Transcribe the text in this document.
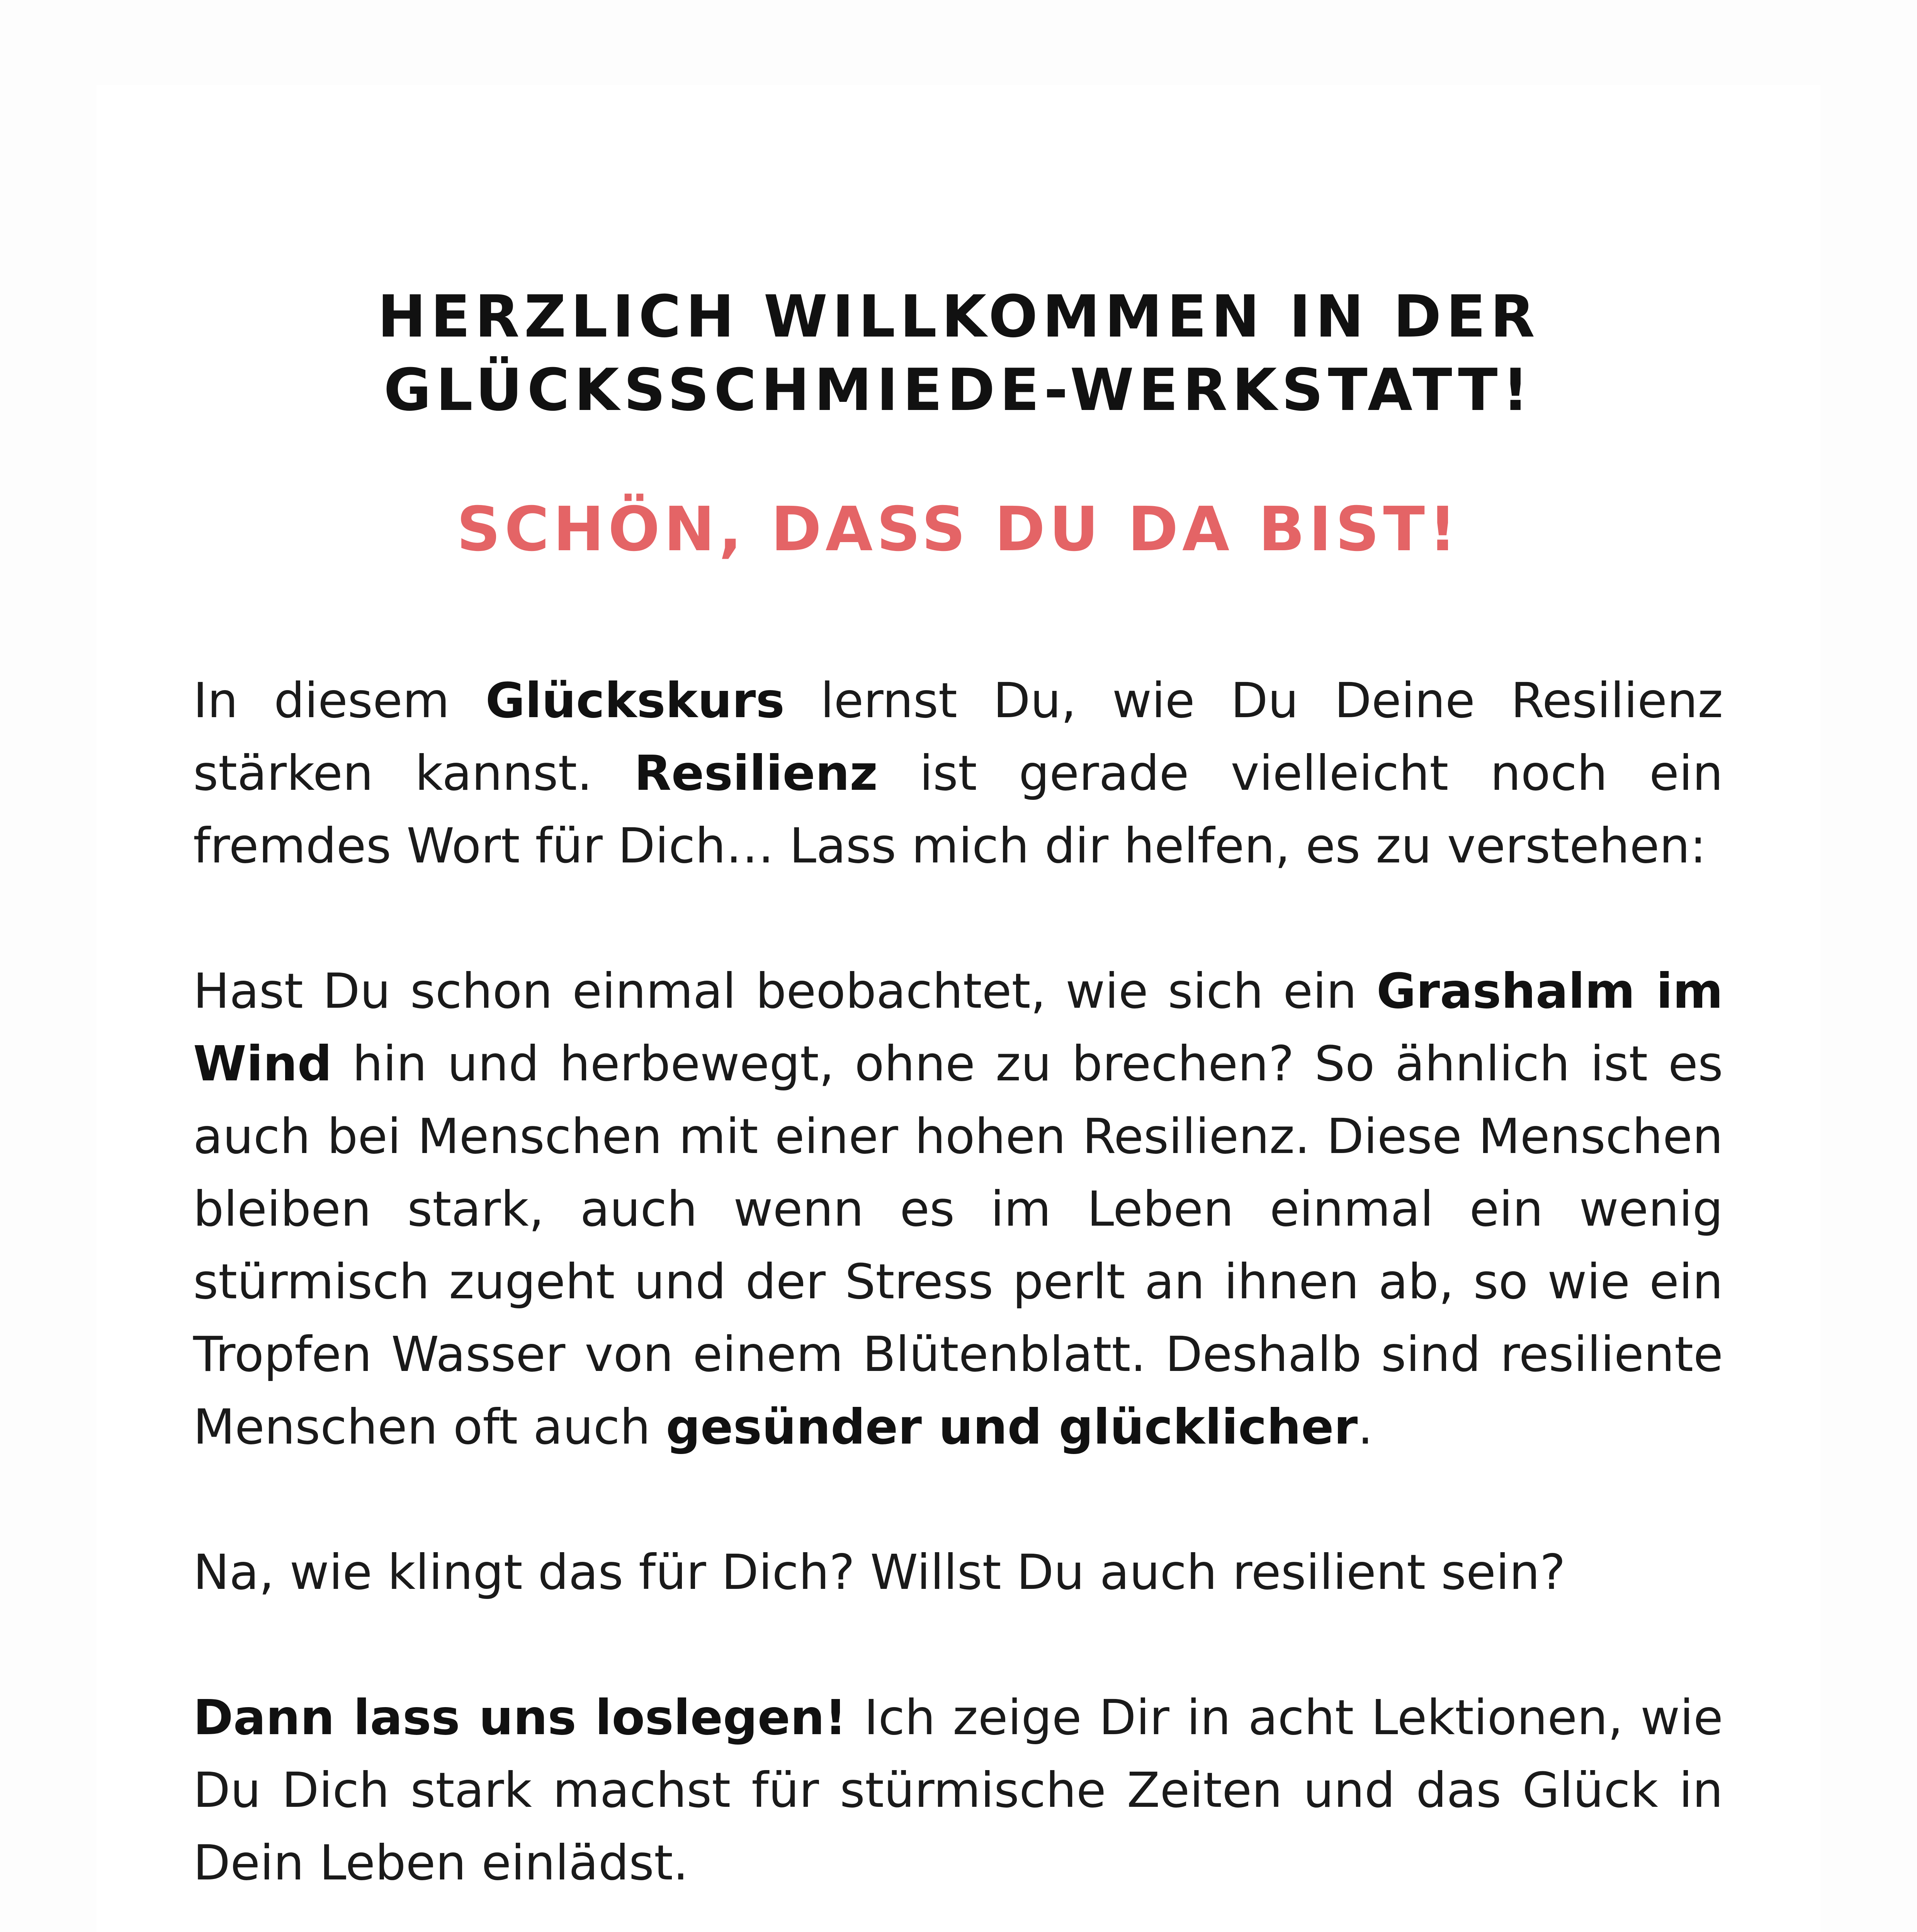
HERZLICH WILLKOMMEN IN DER
GLÜCKSSCHMIEDE-WERKSTATT!
SCHÖN, DASS DU DA BIST!

In diesem Glückskurs lernst Du, wie Du Deine Resilienz stärken kannst. Resilienz ist gerade vielleicht noch ein fremdes Wort für Dich… Lass mich dir helfen, es zu verstehen:

Hast Du schon einmal beobachtet, wie sich ein Grashalm im Wind hin und herbewegt, ohne zu brechen? So ähnlich ist es auch bei Menschen mit einer hohen Resilienz. Diese Menschen bleiben stark, auch wenn es im Leben einmal ein wenig stürmisch zugeht und der Stress perlt an ihnen ab, so wie ein Tropfen Wasser von einem Blütenblatt. Deshalb sind resiliente Menschen oft auch gesünder und glücklicher.

Na, wie klingt das für Dich? Willst Du auch resilient sein?

Dann lass uns loslegen! Ich zeige Dir in acht Lektionen, wie Du Dich stark machst für stürmische Zeiten und das Glück in Dein Leben einlädst.
